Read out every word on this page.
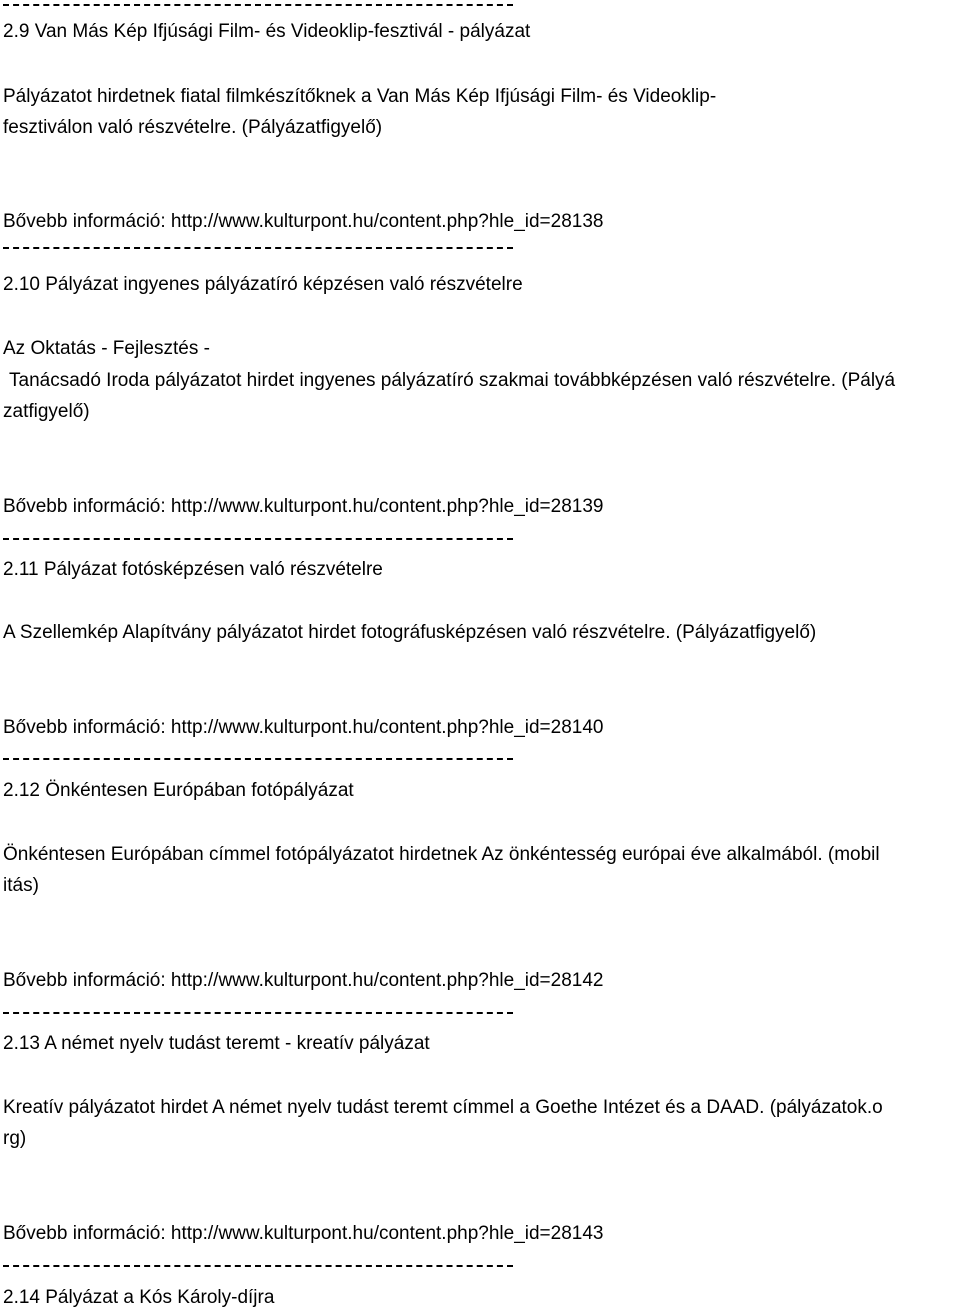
2.9 Van Más Kép Ifjúsági Film- és Videoklip-fesztivál - pályázat

Pályázatot hirdetnek fiatal filmkészítőknek a Van Más Kép Ifjúsági Film- és Videoklip-

fesztiválon való részvételre. (Pályázatfigyelő)

Bővebb információ: http://www.kulturpont.hu/content.php?hle_id=28138

2.10 Pályázat ingyenes pályázatíró képzésen való részvételre

Az Oktatás - Fejlesztés -

Tanácsadó Iroda pályázatot hirdet ingyenes pályázatíró szakmai továbbképzésen való részvételre. (Pályá

zatfigyelő)

Bővebb információ: http://www.kulturpont.hu/content.php?hle_id=28139

2.11 Pályázat fotósképzésen való részvételre

A Szellemkép Alapítvány pályázatot hirdet fotográfusképzésen való részvételre. (Pályázatfigyelő)

Bővebb információ: http://www.kulturpont.hu/content.php?hle_id=28140

2.12 Önkéntesen Európában fotópályázat

Önkéntesen Európában címmel fotópályázatot hirdetnek Az önkéntesség európai éve alkalmából. (mobil

itás)

Bővebb információ: http://www.kulturpont.hu/content.php?hle_id=28142

2.13 A német nyelv tudást teremt - kreatív pályázat

Kreatív pályázatot hirdet A német nyelv tudást teremt címmel a Goethe Intézet és a DAAD. (pályázatok.o

rg)

Bővebb információ: http://www.kulturpont.hu/content.php?hle_id=28143

2.14 Pályázat a Kós Károly-díjra
